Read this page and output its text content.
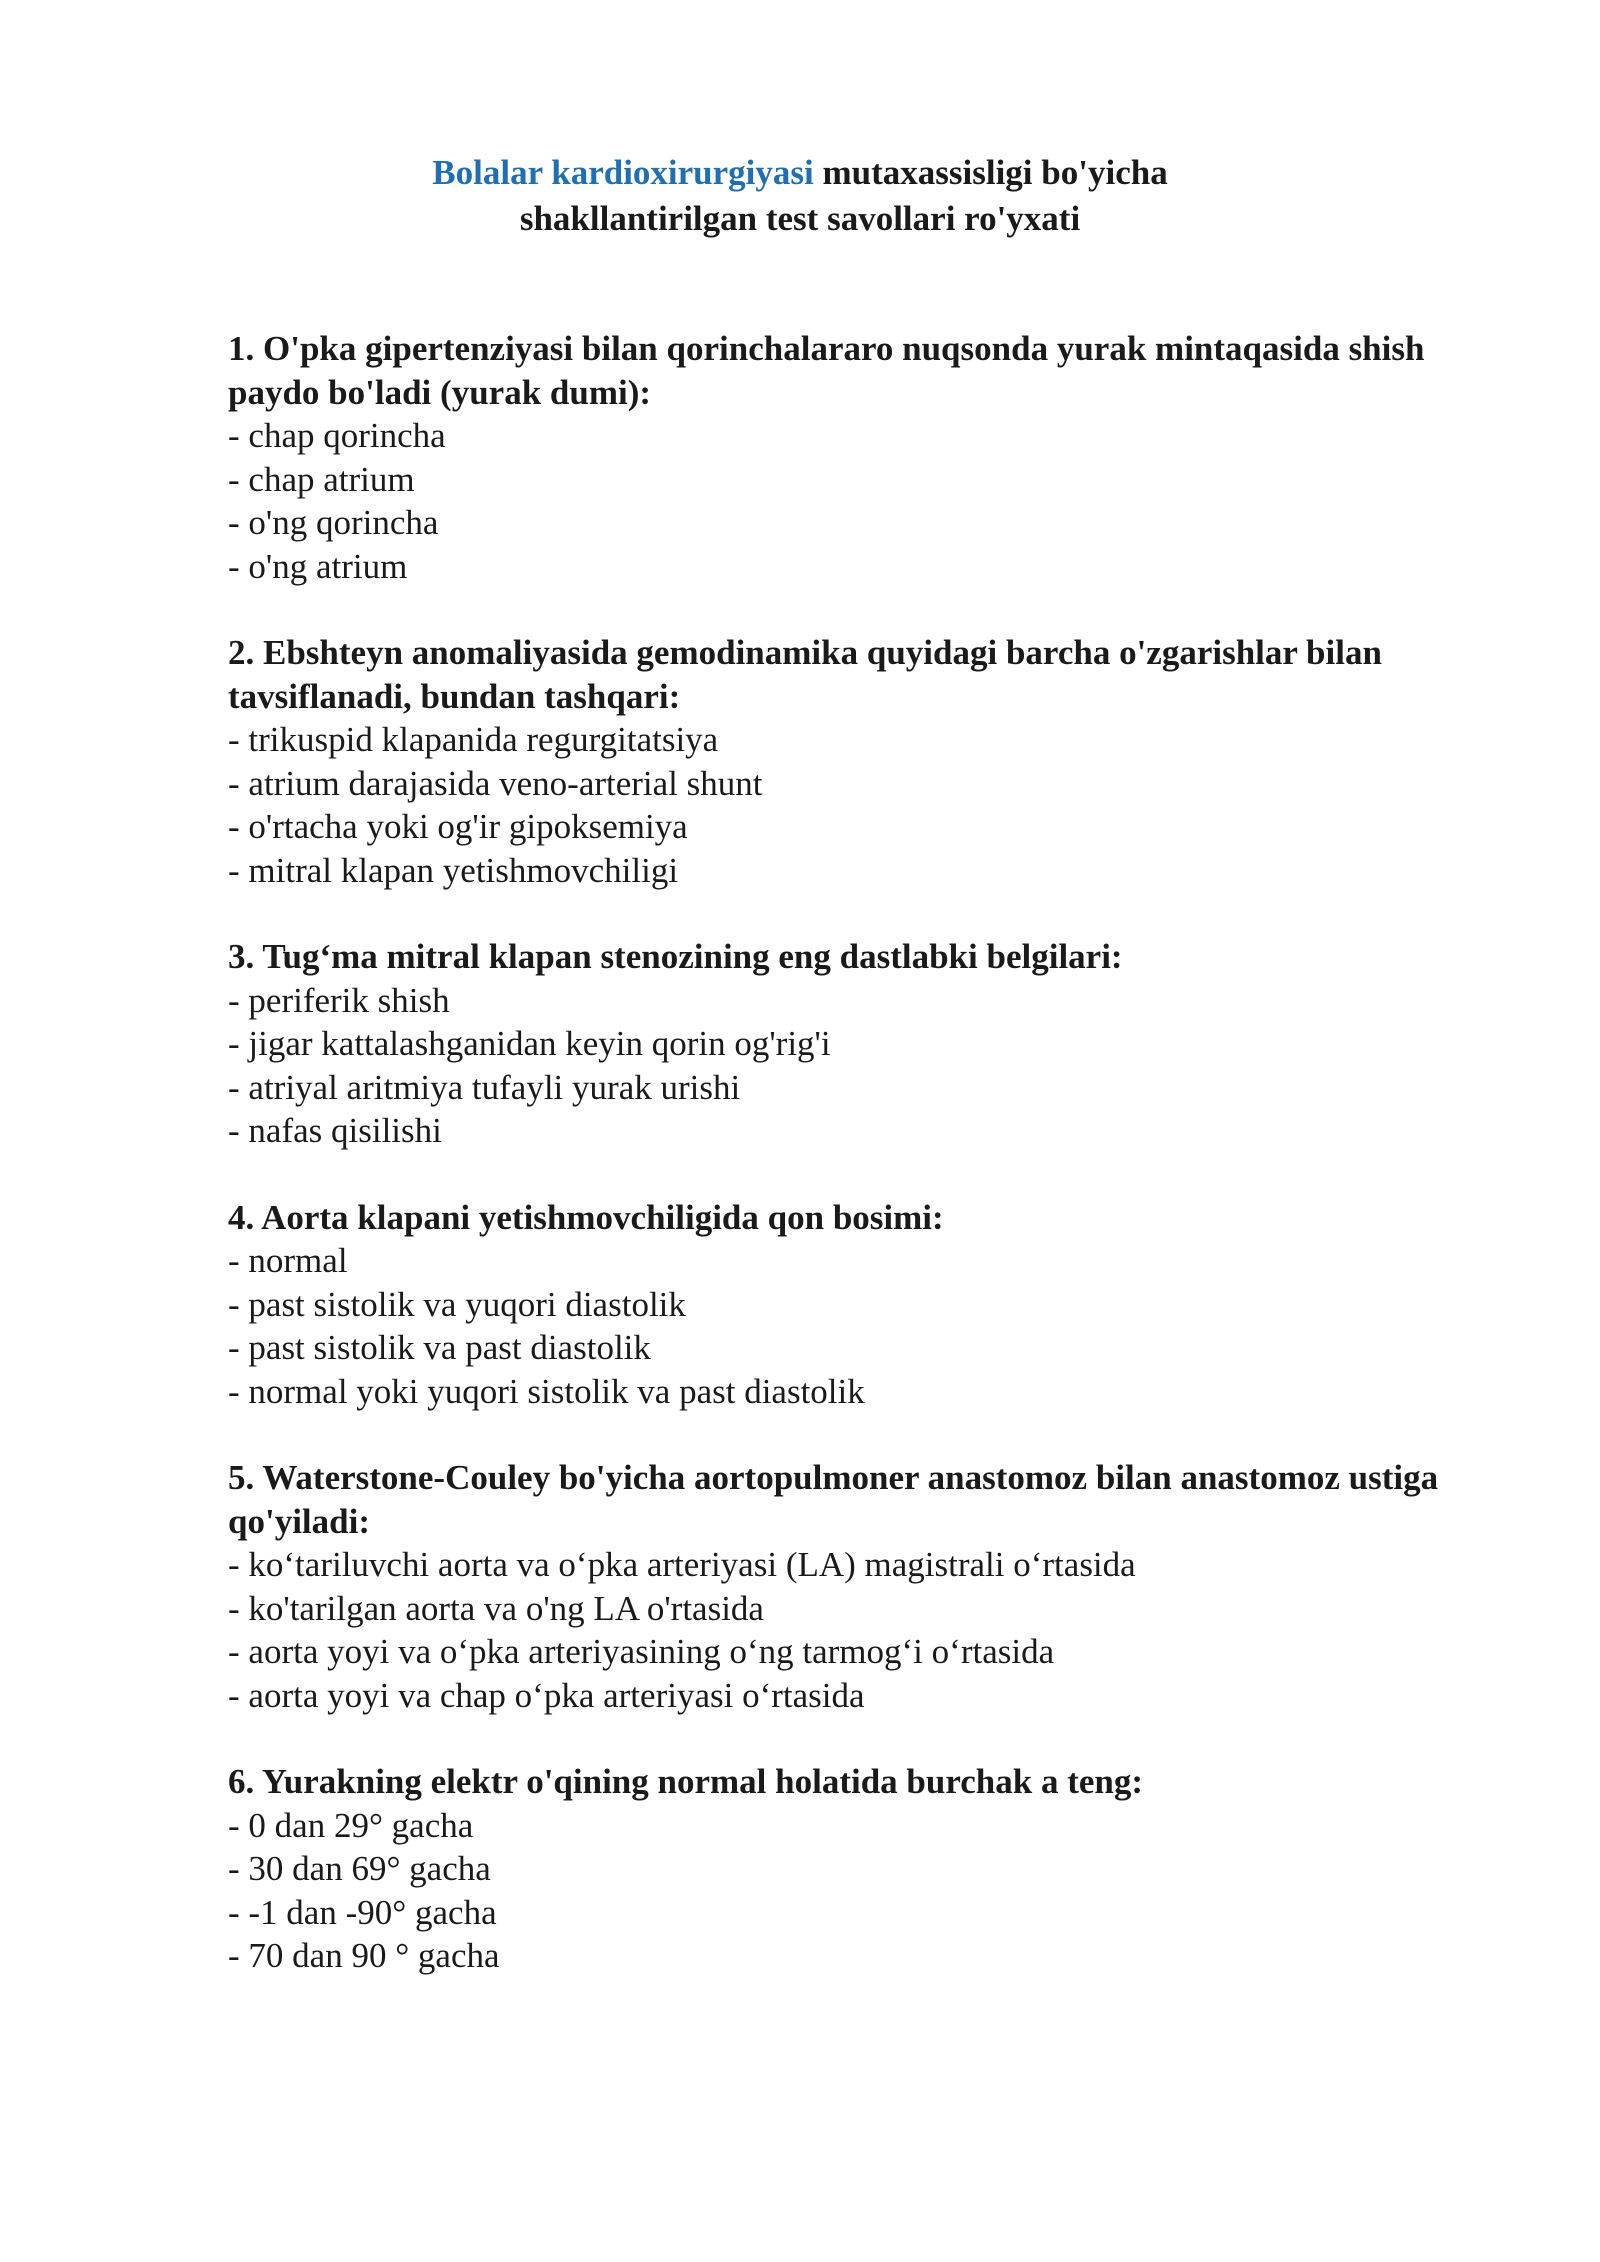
Bolalar kardioxirurgiyasi mutaxassisligi bo'yicha
shakllantirilgan test savollari ro'yxati
1. O'pka gipertenziyasi bilan qorinchalararo nuqsonda yurak mintaqasida shish paydo bo'ladi (yurak dumi):
- chap qorincha
- chap atrium
- o'ng qorincha
- o'ng atrium
2. Ebshteyn anomaliyasida gemodinamika quyidagi barcha o'zgarishlar bilan tavsiflanadi, bundan tashqari:
- trikuspid klapanida regurgitatsiya
- atrium darajasida veno-arterial shunt
- o'rtacha yoki og'ir gipoksemiya
- mitral klapan yetishmovchiligi
3. Tug‘ma mitral klapan stenozining eng dastlabki belgilari:
- periferik shish
- jigar kattalashganidan keyin qorin og'rig'i
- atriyal aritmiya tufayli yurak urishi
- nafas qisilishi
4. Aorta klapani yetishmovchiligida qon bosimi:
- normal
- past sistolik va yuqori diastolik
- past sistolik va past diastolik
- normal yoki yuqori sistolik va past diastolik
5. Waterstone-Couley bo'yicha aortopulmoner anastomoz bilan anastomoz ustiga qo'yiladi:
- ko‘tariluvchi aorta va o‘pka arteriyasi (LA) magistrali o‘rtasida
- ko'tarilgan aorta va o'ng LA o'rtasida
- aorta yoyi va o‘pka arteriyasining o‘ng tarmog‘i o‘rtasida
- aorta yoyi va chap o‘pka arteriyasi o‘rtasida
6. Yurakning elektr o'qining normal holatida burchak a teng:
- 0 dan 29° gacha
- 30 dan 69° gacha
- -1 dan -90° gacha
- 70 dan 90 ° gacha
